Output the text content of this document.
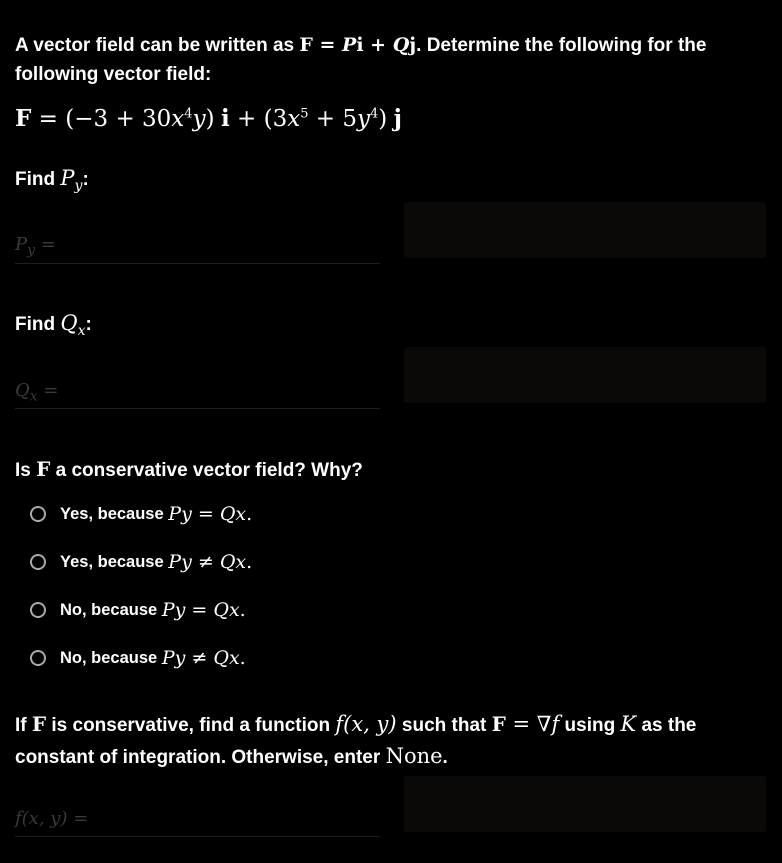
A vector field can be written as F = Pi + Qj. Determine the following for the following vector field:
$F = (-3 + 30x^4y)$ $i + (3x^5 + 5y^4)$ j
Find $P_y$:
$P_y$ =
Find $Q_x$:
$Q_x$ =
Is F a conservative vector field? Why?
Yes, because
P y = Q x .
Yes, because
P y ≠ Q x .
No, because
P y = Q x .
No, because
P y ≠ Q x .
If F is conservative, find a function f(x, y) such that F = ∇f using K as the constant of integration. Otherwise, enter None.
f(x, y) =
